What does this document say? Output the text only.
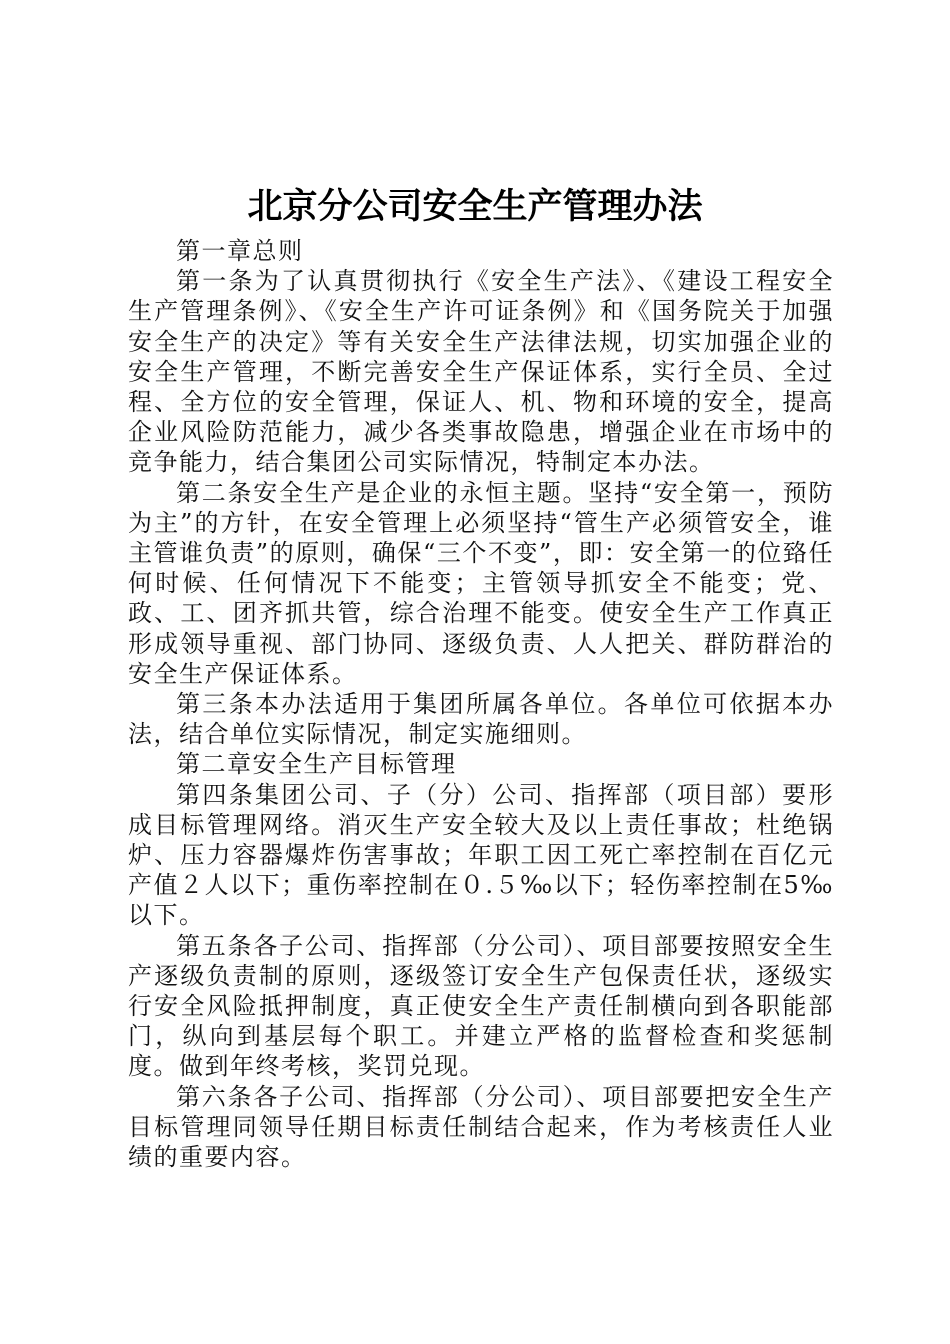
北京分公司安全生产管理办法

第一章总则

第一条为了认真贯彻执行《安全生产法》、《建设工程安全生产管理条例》、《安全生产许可证条例》和《国务院关于加强安全生产的决定》等有关安全生产法律法规，切实加强企业的安全生产管理，不断完善安全生产保证体系，实行全员、全过程、全方位的安全管理，保证人、机、物和环境的安全，提高企业风险防范能力，减少各类事故隐患，增强企业在市场中的竞争能力，结合集团公司实际情况，特制定本办法。

第二条安全生产是企业的永恒主题。坚持“安全第一，预防为主”的方针，在安全管理上必须坚持“管生产必须管安全，谁主管谁负责”的原则，确保“三个不变”，即：安全第一的位臵任何时候、任何情况下不能变；主管领导抓安全不能变；党、政、工、团齐抓共管，综合治理不能变。使安全生产工作真正形成领导重视、部门协同、逐级负责、人人把关、群防群治的安全生产保证体系。

第三条本办法适用于集团所属各单位。各单位可依据本办法，结合单位实际情况，制定实施细则。

第二章安全生产目标管理

第四条集团公司、子（分）公司、指挥部（项目部）要形成目标管理网络。消灭生产安全较大及以上责任事故；杜绝锅炉、压力容器爆炸伤害事故；年职工因工死亡率控制在百亿元产值２人以下；重伤率控制在０.５‰以下；轻伤率控制在5‰以下。

第五条各子公司、指挥部（分公司）、项目部要按照安全生产逐级负责制的原则，逐级签订安全生产包保责任状，逐级实行安全风险抵押制度，真正使安全生产责任制横向到各职能部门，纵向到基层每个职工。并建立严格的监督检查和奖惩制度。做到年终考核，奖罚兑现。

第六条各子公司、指挥部（分公司）、项目部要把安全生产目标管理同领导任期目标责任制结合起来，作为考核责任人业绩的重要内容。
